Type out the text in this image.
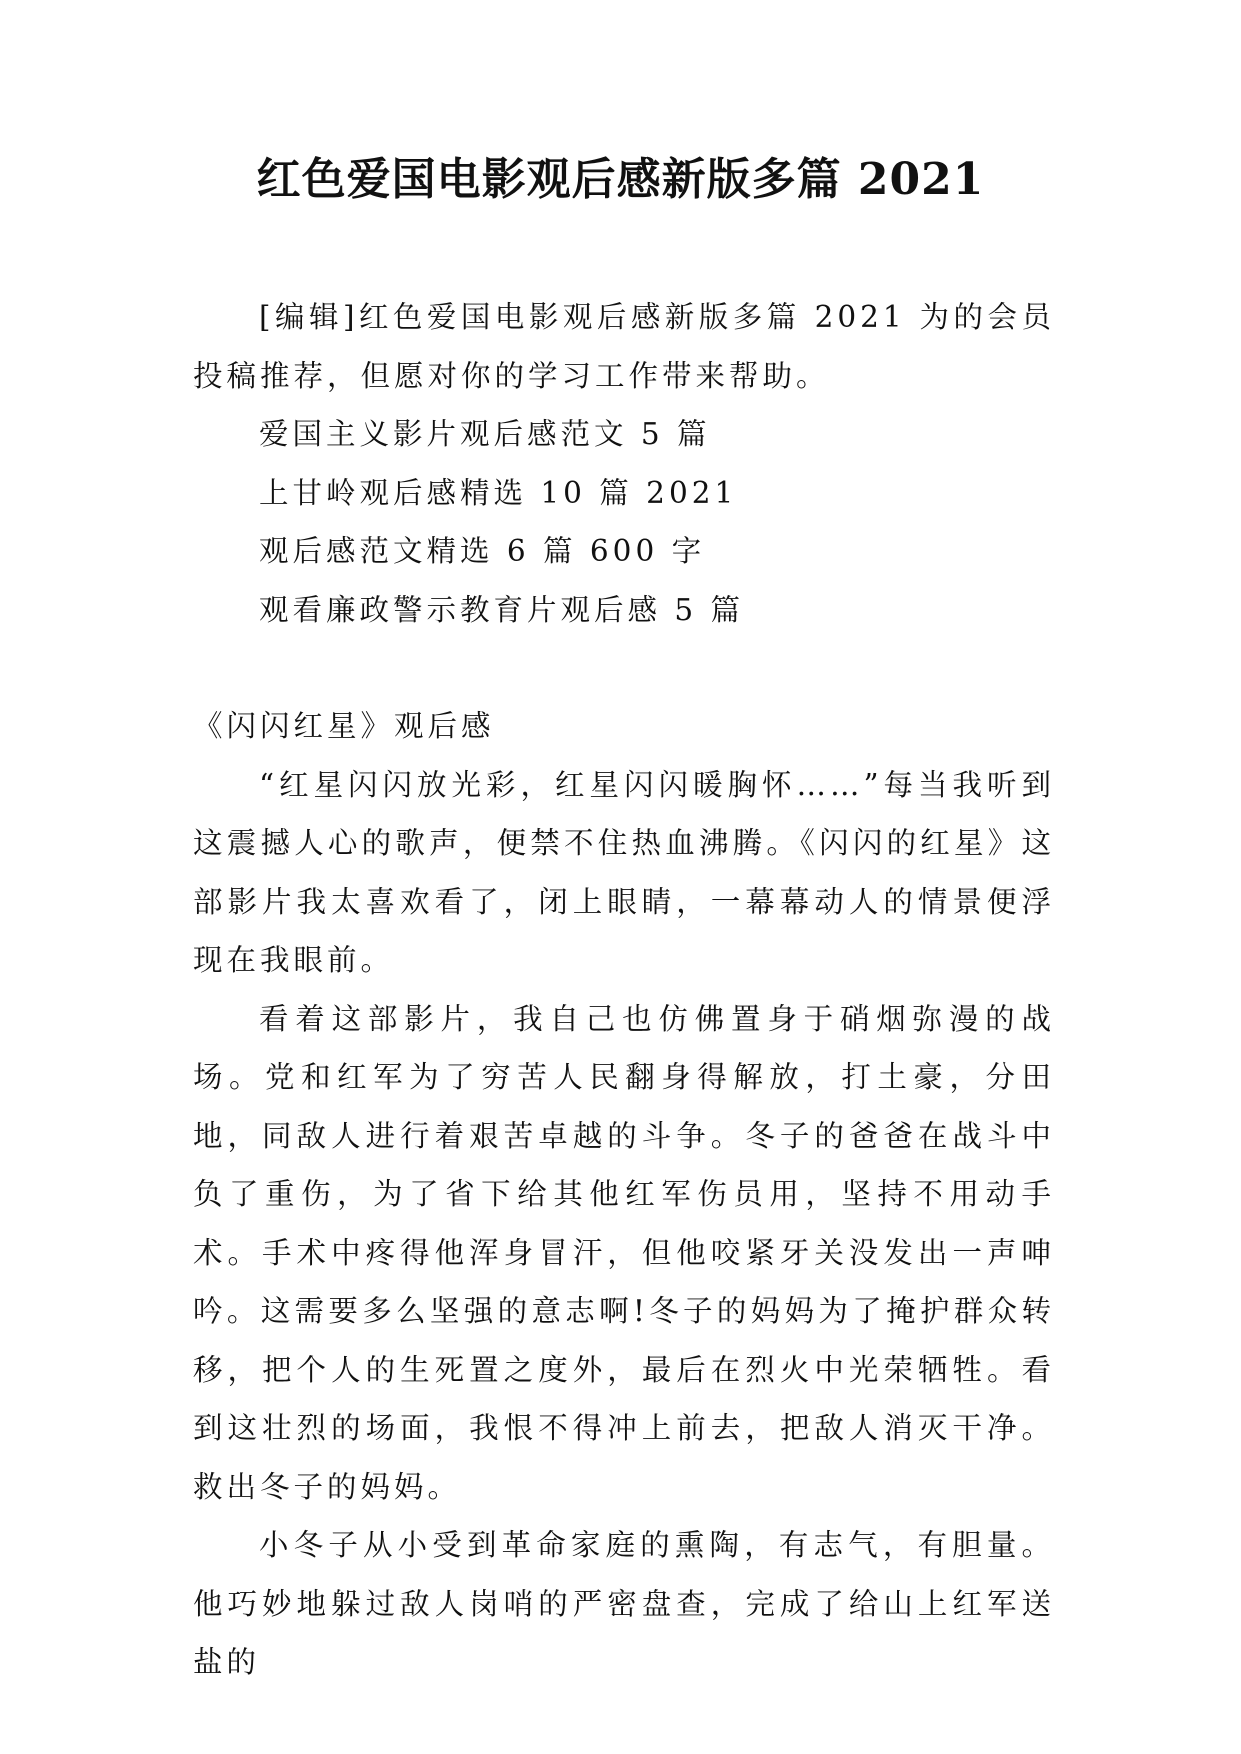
红色爱国电影观后感新版多篇 2021

[编辑]红色爱国电影观后感新版多篇 2021 为的会员投稿推荐，但愿对你的学习工作带来帮助。

爱国主义影片观后感范文 5 篇

上甘岭观后感精选 10 篇 2021

观后感范文精选 6 篇 600 字

观看廉政警示教育片观后感 5 篇

《闪闪红星》观后感

“红星闪闪放光彩，红星闪闪暖胸怀……”每当我听到这震撼人心的歌声，便禁不住热血沸腾。《闪闪的红星》这部影片我太喜欢看了，闭上眼睛，一幕幕动人的情景便浮现在我眼前。

看着这部影片，我自己也仿佛置身于硝烟弥漫的战场。党和红军为了穷苦人民翻身得解放，打土豪，分田地，同敌人进行着艰苦卓越的斗争。冬子的爸爸在战斗中负了重伤，为了省下给其他红军伤员用，坚持不用动手术。手术中疼得他浑身冒汗，但他咬紧牙关没发出一声呻吟。这需要多么坚强的意志啊!冬子的妈妈为了掩护群众转移，把个人的生死置之度外，最后在烈火中光荣牺牲。看到这壮烈的场面，我恨不得冲上前去，把敌人消灭干净。救出冬子的妈妈。

小冬子从小受到革命家庭的熏陶，有志气，有胆量。他巧妙地躲过敌人岗哨的严密盘查，完成了给山上红军送盐的
